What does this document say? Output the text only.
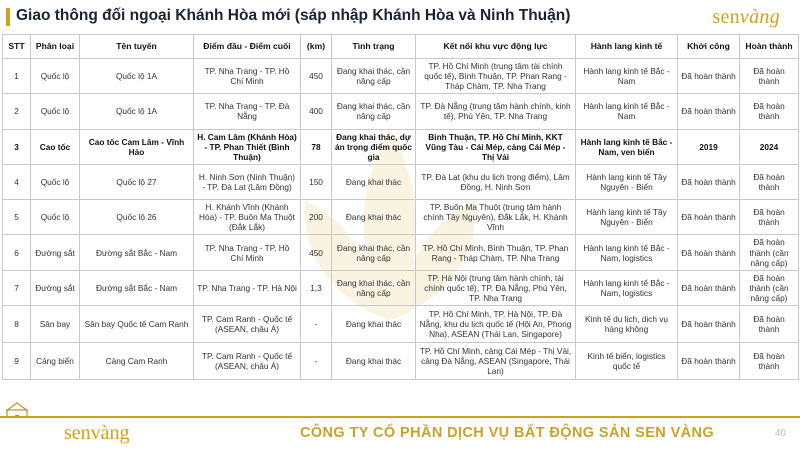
Giao thông đối ngoại Khánh Hòa mới (sáp nhập Khánh Hòa và Ninh Thuận)	senvàng
STT	Phân loại	Tên tuyến	Điểm đầu - Điểm cuối	(km)	Tình trạng	Kết nối khu vực động lực	Hành lang kinh tế	Khởi công	Hoàn thành
1	Quốc lộ	Quốc lộ 1A	TP. Nha Trang - TP. Hồ Chí Minh	450	Đang khai thác, cần nâng cấp	TP. Hồ Chí Minh (trung tâm tài chính quốc tế), Bình Thuận, TP. Phan Rang - Tháp Chàm, TP. Nha Trang	Hành lang kinh tế Bắc - Nam	Đã hoàn thành	Đã hoàn thành
2	Quốc lộ	Quốc lộ 1A	TP. Nha Trang - TP. Đà Nẵng	400	Đang khai thác, cần nâng cấp	TP. Đà Nẵng (trung tâm hành chính, kinh tế), Phú Yên, TP. Nha Trang	Hành lang kinh tế Bắc - Nam	Đã hoàn thành	Đã hoàn thành
3	Cao tốc	Cao tốc Cam Lâm - Vĩnh Hảo	H. Cam Lâm (Khánh Hòa) - TP. Phan Thiết (Bình Thuận)	78	Đang khai thác, dự án trọng điểm quốc gia	Bình Thuận, TP. Hồ Chí Minh, KKT Vũng Tàu - Cái Mép, cảng Cái Mép - Thị Vải	Hành lang kinh tế Bắc - Nam, ven biển	2019	2024
4	Quốc lộ	Quốc lộ 27	H. Ninh Sơn (Ninh Thuận) - TP. Đà Lạt (Lâm Đồng)	150	Đang khai thác	TP. Đà Lạt (khu du lịch trọng điểm), Lâm Đồng, H. Ninh Sơn	Hành lang kinh tế Tây Nguyên - Biển	Đã hoàn thành	Đã hoàn thành
5	Quốc lộ	Quốc lộ 26	H. Khánh Vĩnh (Khánh Hòa) - TP. Buôn Ma Thuột (Đắk Lắk)	200	Đang khai thác	TP. Buôn Ma Thuột (trung tâm hành chính Tây Nguyên), Đắk Lắk, H. Khánh Vĩnh	Hành lang kinh tế Tây Nguyên - Biển	Đã hoàn thành	Đã hoàn thành
6	Đường sắt	Đường sắt Bắc - Nam	TP. Nha Trang - TP. Hồ Chí Minh	450	Đang khai thác, cần nâng cấp	TP. Hồ Chí Minh, Bình Thuận, TP. Phan Rang - Tháp Chàm, TP. Nha Trang	Hành lang kinh tế Bắc - Nam, logistics	Đã hoàn thành	Đã hoàn thành (cần nâng cấp)
7	Đường sắt	Đường sắt Bắc - Nam	TP. Nha Trang - TP. Hà Nội	1,3	Đang khai thác, cần nâng cấp	TP. Hà Nội (trung tâm hành chính, tài chính quốc tế), TP. Đà Nẵng, Phú Yên, TP. Nha Trang	Hành lang kinh tế Bắc - Nam, logistics	Đã hoàn thành	Đã hoàn thành (cần nâng cấp)
8	Sân bay	Sân bay Quốc tế Cam Ranh	TP. Cam Ranh - Quốc tế (ASEAN, châu Á)	-	Đang khai thác	TP. Hồ Chí Minh, TP. Hà Nội, TP. Đà Nẵng, khu du lịch quốc tế (Hội An, Phong Nha), ASEAN (Thái Lan, Singapore)	Kinh tế du lịch, dịch vụ hàng không	Đã hoàn thành	Đã hoàn thành
9	Cảng biển	Cảng Cam Ranh	TP. Cam Ranh - Quốc tế (ASEAN, châu Á)	-	Đang khai thác	TP. Hồ Chí Minh, cảng Cái Mép - Thị Vải, cảng Đà Nẵng, ASEAN (Singapore, Thái Lan)	Kinh tế biển, logistics quốc tế	Đã hoàn thành	Đã hoàn thành
senvàng	CÔNG TY CỔ PHẦN DỊCH VỤ BẤT ĐỘNG SẢN SEN VÀNG	40
